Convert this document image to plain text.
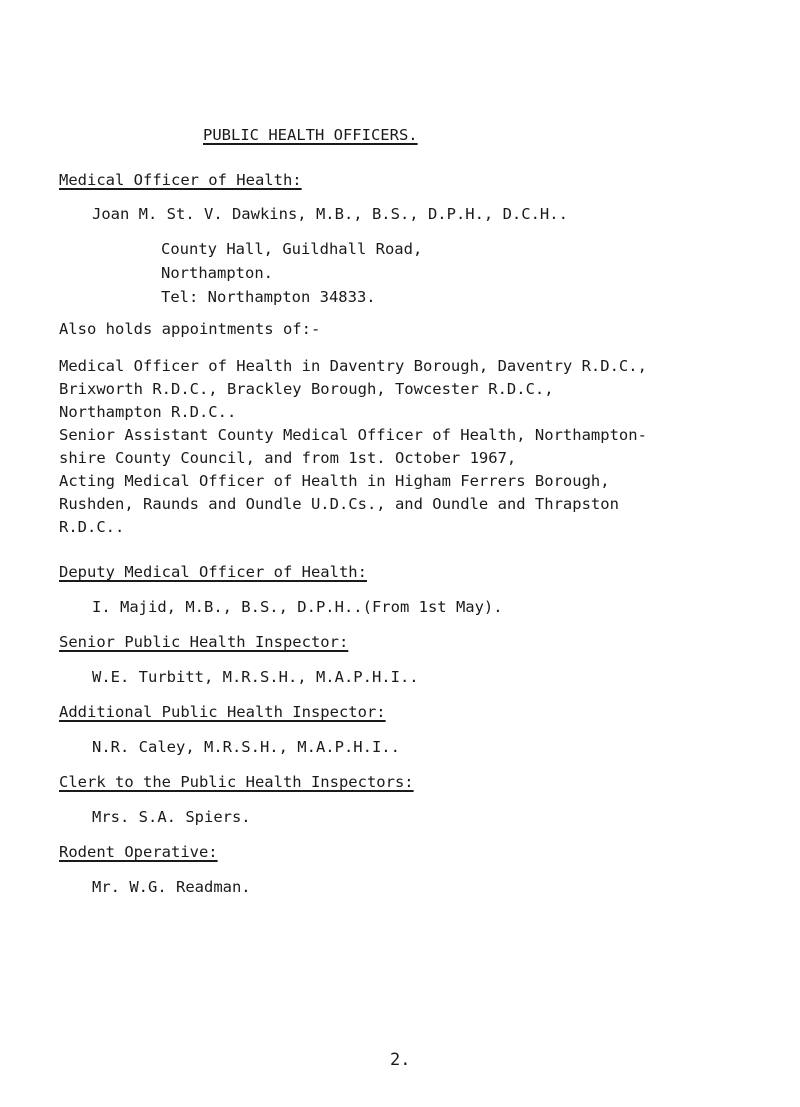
PUBLIC HEALTH OFFICERS.
Medical Officer of Health:
Joan M. St. V. Dawkins, M.B., B.S., D.P.H., D.C.H..
County Hall, Guildhall Road,
Northampton.
Tel: Northampton 34833.
Also holds appointments of:-
Medical Officer of Health in Daventry Borough, Daventry R.D.C.,
Brixworth R.D.C., Brackley Borough, Towcester R.D.C.,
Northampton R.D.C..
Senior Assistant County Medical Officer of Health, Northampton-
shire County Council, and from 1st. October 1967,
Acting Medical Officer of Health in Higham Ferrers Borough,
Rushden, Raunds and Oundle U.D.Cs., and Oundle and Thrapston
R.D.C..
Deputy Medical Officer of Health:
I. Majid, M.B., B.S., D.P.H..(From 1st May).
Senior Public Health Inspector:
W.E. Turbitt, M.R.S.H., M.A.P.H.I..
Additional Public Health Inspector:
N.R. Caley, M.R.S.H., M.A.P.H.I..
Clerk to the Public Health Inspectors:
Mrs. S.A. Spiers.
Rodent Operative:
Mr. W.G. Readman.
2.
